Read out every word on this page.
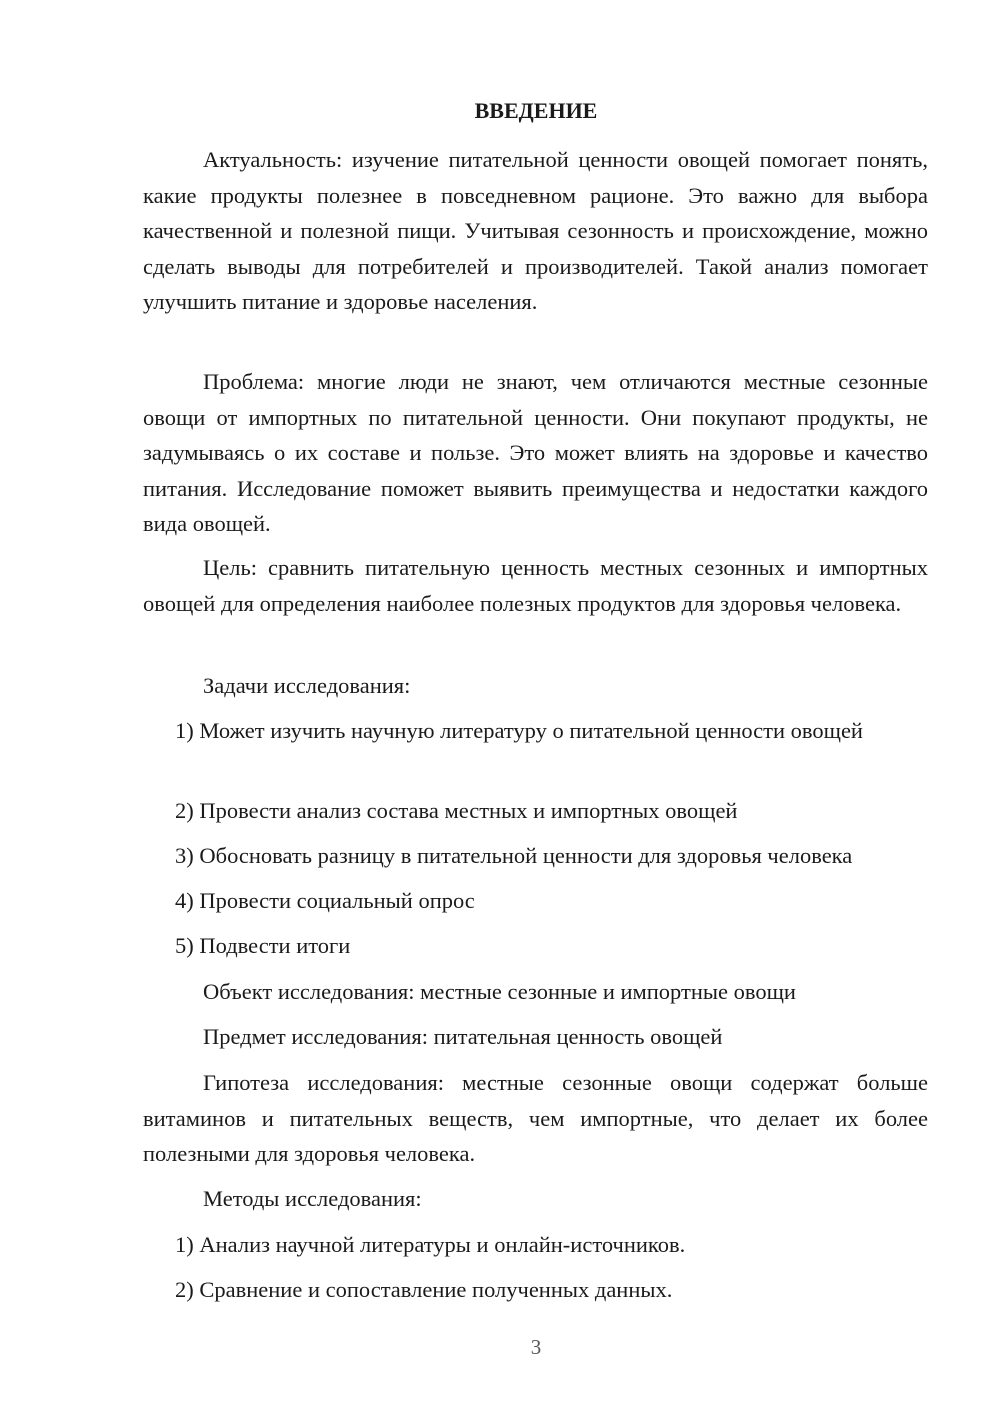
ВВЕДЕНИЕ

Актуальность: изучение питательной ценности овощей помогает понять, какие продукты полезнее в повседневном рационе. Это важно для выбора качественной и полезной пищи. Учитывая сезонность и происхождение, можно сделать выводы для потребителей и производителей. Такой анализ помогает улучшить питание и здоровье населения.

Проблема: многие люди не знают, чем отличаются местные сезонные овощи от импортных по питательной ценности. Они покупают продукты, не задумываясь о их составе и пользе. Это может влиять на здоровье и качество питания. Исследование поможет выявить преимущества и недостатки каждого вида овощей.

Цель: сравнить питательную ценность местных сезонных и импортных овощей для определения наиболее полезных продуктов для здоровья человека.

Задачи исследования:

1) Может изучить научную литературу о питательной ценности овощей

2) Провести анализ состава местных и импортных овощей

3) Обосновать разницу в питательной ценности для здоровья человека

4) Провести социальный опрос

5) Подвести итоги

Объект исследования: местные сезонные и импортные овощи

Предмет исследования: питательная ценность овощей

Гипотеза исследования: местные сезонные овощи содержат больше витаминов и питательных веществ, чем импортные, что делает их более полезными для здоровья человека.

Методы исследования:

1) Анализ научной литературы и онлайн-источников.

2) Сравнение и сопоставление полученных данных.

3
